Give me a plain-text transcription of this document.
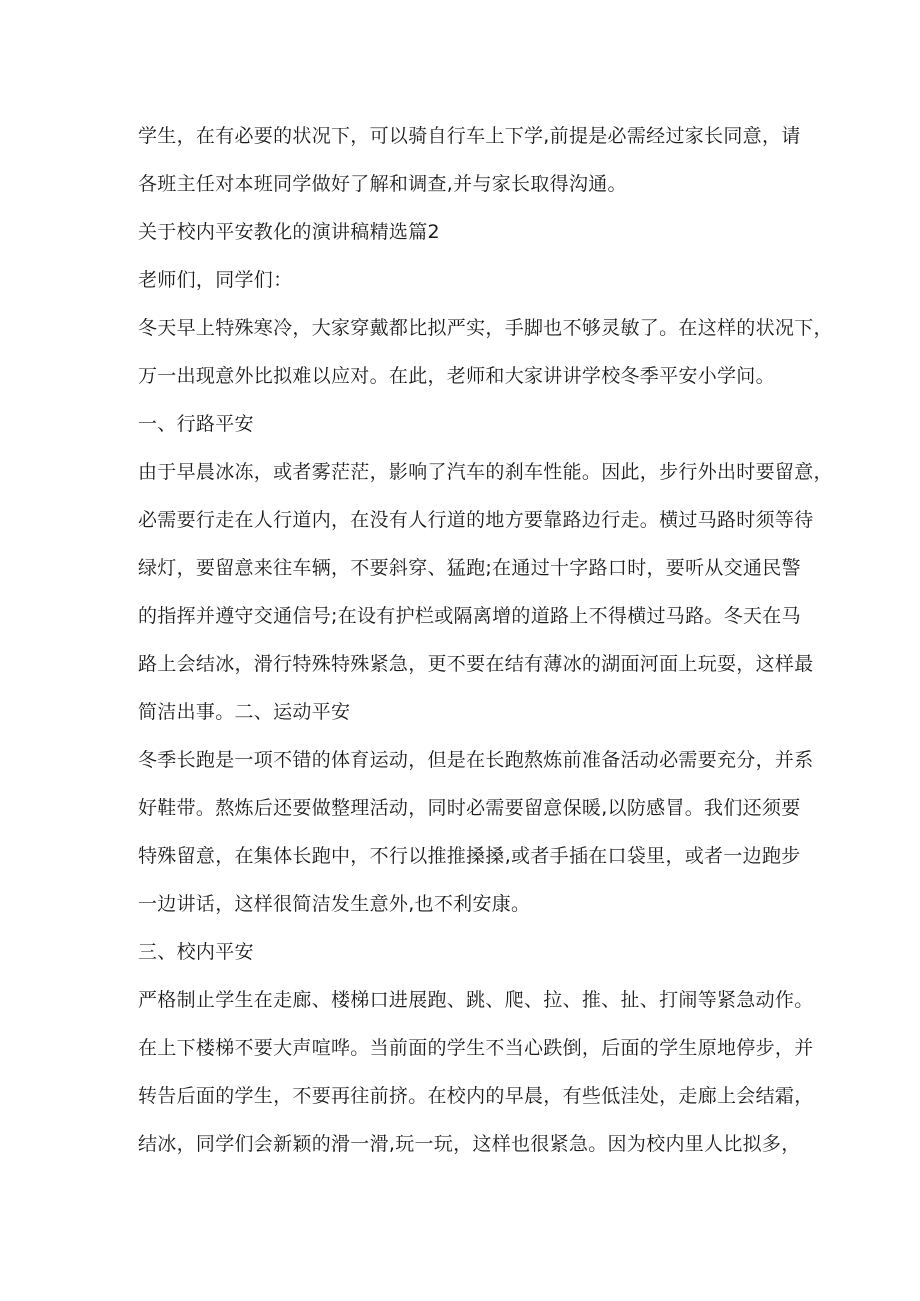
学生，在有必要的状况下，可以骑自行车上下学,前提是必需经过家长同意，请
各班主任对本班同学做好了解和调查,并与家长取得沟通。
关于校内平安教化的演讲稿精选篇2
老师们，同学们：
冬天早上特殊寒冷，大家穿戴都比拟严实，手脚也不够灵敏了。在这样的状况下，
万一出现意外比拟难以应对。在此，老师和大家讲讲学校冬季平安小学问。
一、行路平安
由于早晨冰冻，或者雾茫茫，影响了汽车的刹车性能。因此，步行外出时要留意，
必需要行走在人行道内，在没有人行道的地方要靠路边行走。横过马路时须等待
绿灯，要留意来往车辆，不要斜穿、猛跑;在通过十字路口时，要听从交通民警
的指挥并遵守交通信号;在设有护栏或隔离增的道路上不得横过马路。冬天在马
路上会结冰，滑行特殊特殊紧急，更不要在结有薄冰的湖面河面上玩耍，这样最
简洁出事。二、运动平安
冬季长跑是一项不错的体育运动，但是在长跑熬炼前准备活动必需要充分，并系
好鞋带。熬炼后还要做整理活动，同时必需要留意保暖,以防感冒。我们还须要
特殊留意，在集体长跑中，不行以推推搡搡,或者手插在口袋里，或者一边跑步
一边讲话，这样很简洁发生意外,也不利安康。
三、校内平安
严格制止学生在走廊、楼梯口进展跑、跳、爬、拉、推、扯、打闹等紧急动作。
在上下楼梯不要大声喧哗。当前面的学生不当心跌倒，后面的学生原地停步，并
转告后面的学生，不要再往前挤。在校内的早晨，有些低洼处，走廊上会结霜，
结冰，同学们会新颖的滑一滑,玩一玩，这样也很紧急。因为校内里人比拟多，
